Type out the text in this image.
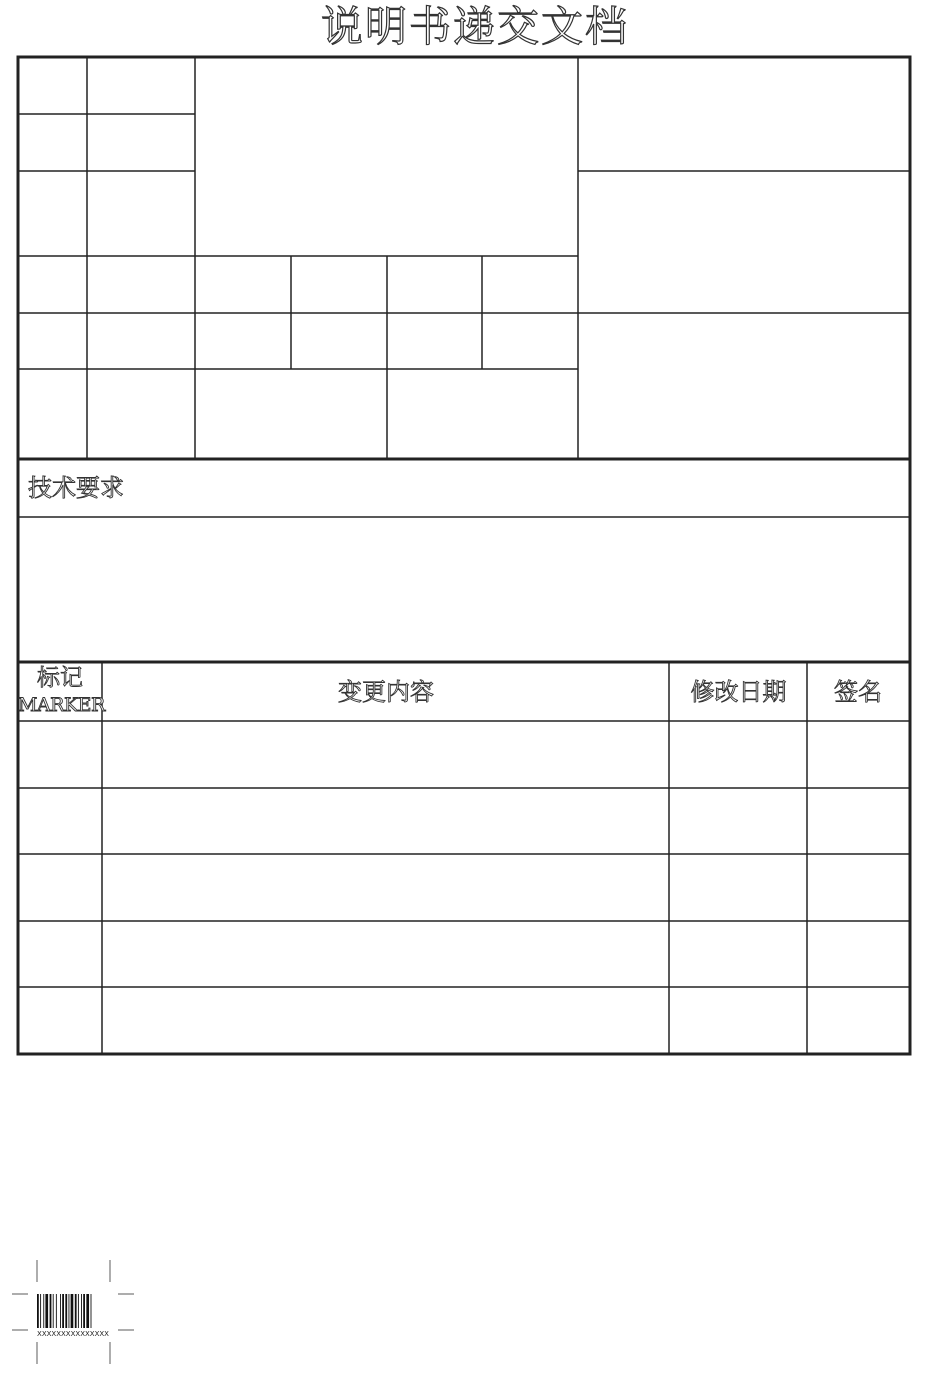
说明书递交文档
技术要求
标记
MARKER	变更内容	修改日期	签名
XXXXXXXXXXXXXXX
